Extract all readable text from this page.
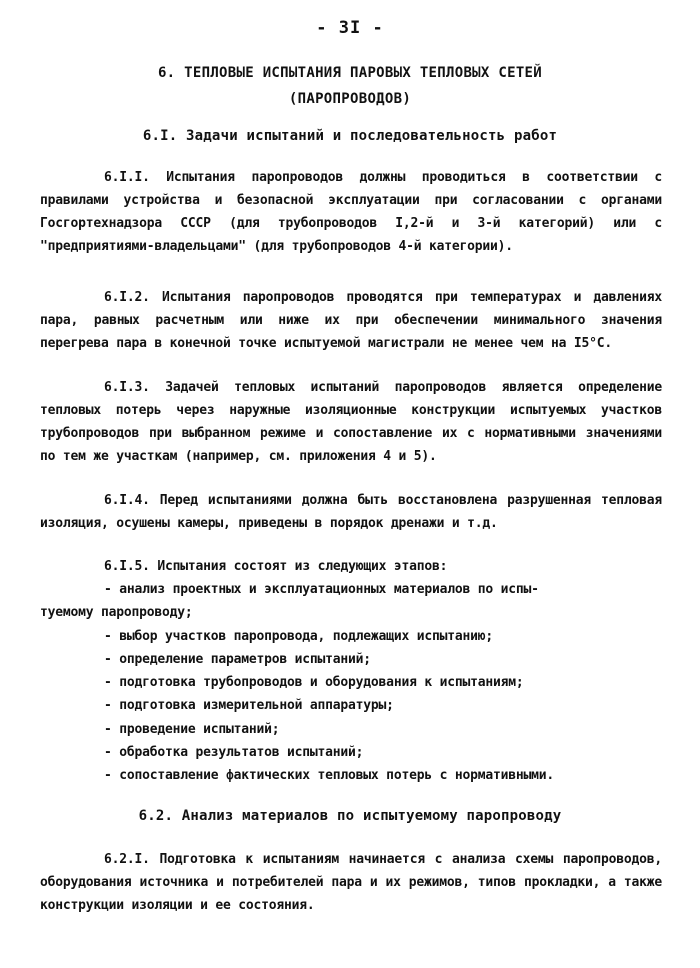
- 3I -
6. ТЕПЛОВЫЕ ИСПЫТАНИЯ ПАРОВЫХ ТЕПЛОВЫХ СЕТЕЙ
(ПАРОПРОВОДОВ)
6.I. Задачи испытаний и последовательность работ
6.I.I. Испытания паропроводов должны проводиться в соответствии с правилами устройства и безопасной эксплуатации при согласовании с органами Госгортехнадзора СССР (для трубопроводов I,2-й и 3-й категорий) или с "предприятиями-владельцами" (для трубопроводов 4-й категории).
6.I.2. Испытания паропроводов проводятся при температурах и давлениях пара, равных расчетным или ниже их при обеспечении минимального значения перегрева пара в конечной точке испытуемой магистрали не менее чем на I5°С.
6.I.3. Задачей тепловых испытаний паропроводов является определение тепловых потерь через наружные изоляционные конструкции испытуемых участков трубопроводов при выбранном режиме и сопоставление их с нормативными значениями по тем же участкам (например, см. приложения 4 и 5).
6.I.4. Перед испытаниями должна быть восстановлена разрушенная тепловая изоляция, осушены камеры, приведены в порядок дренажи и т.д.
6.I.5. Испытания состоят из следующих этапов:
- анализ проектных и эксплуатационных материалов по испы-
туемому паропроводу;
- выбор участков паропровода, подлежащих испытанию;
- определение параметров испытаний;
- подготовка трубопроводов и оборудования к испытаниям;
- подготовка измерительной аппаратуры;
- проведение испытаний;
- обработка результатов испытаний;
- сопоставление фактических тепловых потерь с нормативными.
6.2. Анализ материалов по испытуемому паропроводу
6.2.I. Подготовка к испытаниям начинается с анализа схемы паропроводов, оборудования источника и потребителей пара и их режимов, типов прокладки, а также конструкции изоляции и ее состояния.
